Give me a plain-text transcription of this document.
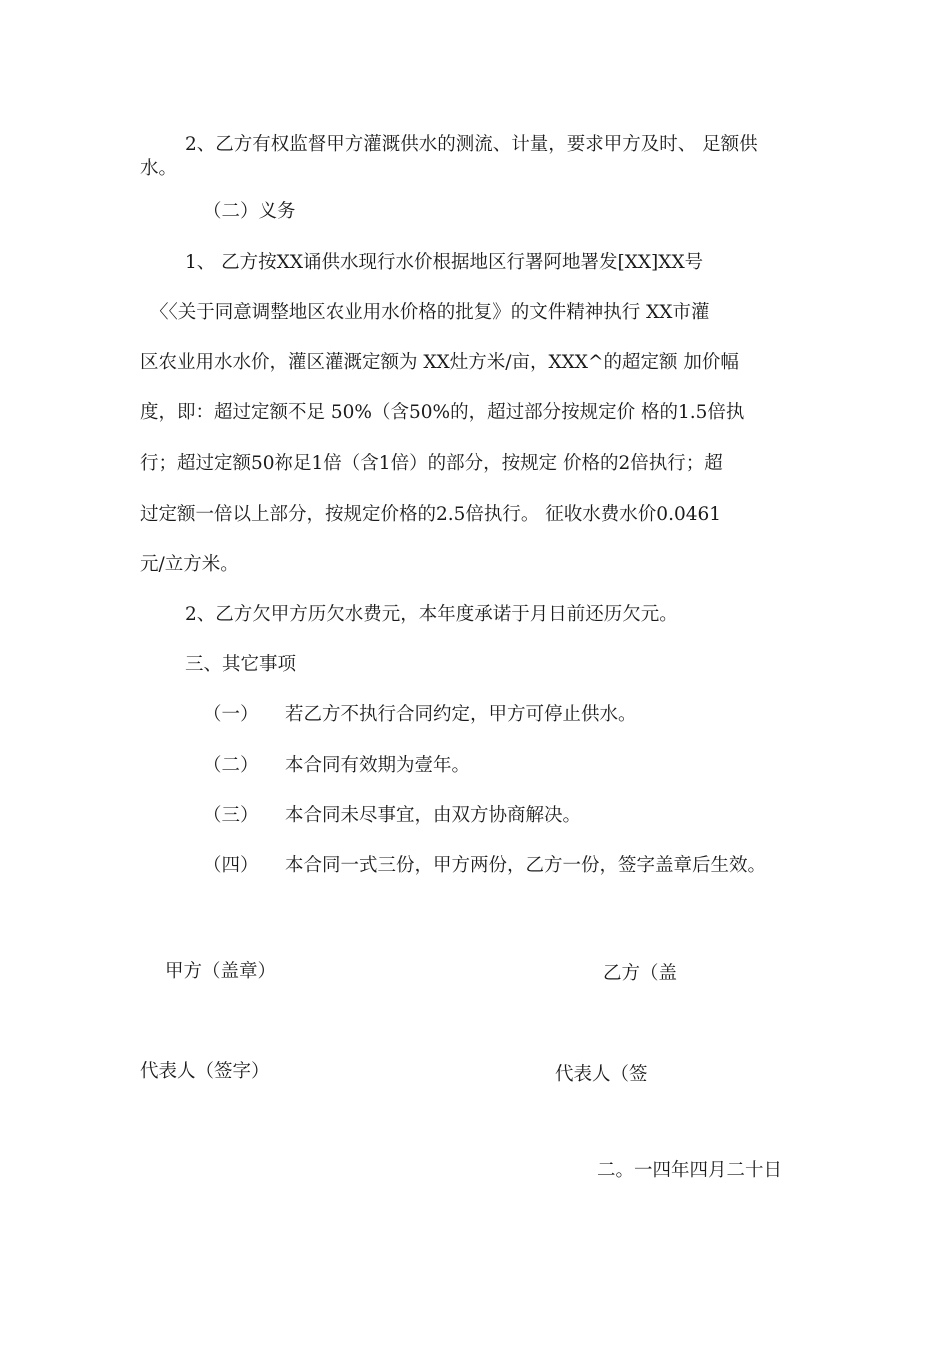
2、乙方有权监督甲方灌溉供水的测流、计量，要求甲方及时、 足额供
水。
（二）义务
1、 乙方按XX诵供水现行水价根据地区行署阿地署发[XX]XX号
〈〈关于同意调整地区农业用水价格的批复》的文件精神执行 XX市灌
区农业用水水价，灌区灌溉定额为 XX灶方米/亩，XXX^的超定额 加价幅
度，即：超过定额不足 50%（含50%的，超过部分按规定价 格的1.5倍执
行；超过定额50祢足1倍（含1倍）的部分，按规定 价格的2倍执行；超
过定额一倍以上部分，按规定价格的2.5倍执行。 征收水费水价0.0461
元/立方米。
2、乙方欠甲方历欠水费元，本年度承诺于月日前还历欠元。
三、其它事项
（一） 若乙方不执行合同约定，甲方可停止供水。
（二） 本合同有效期为壹年。
（三） 本合同未尽事宜，由双方协商解决。
（四） 本合同一式三份，甲方两份，乙方一份，签字盖章后生效。
甲方（盖章）	乙方（盖
代表人（签字）	代表人（签
二。一四年四月二十日
